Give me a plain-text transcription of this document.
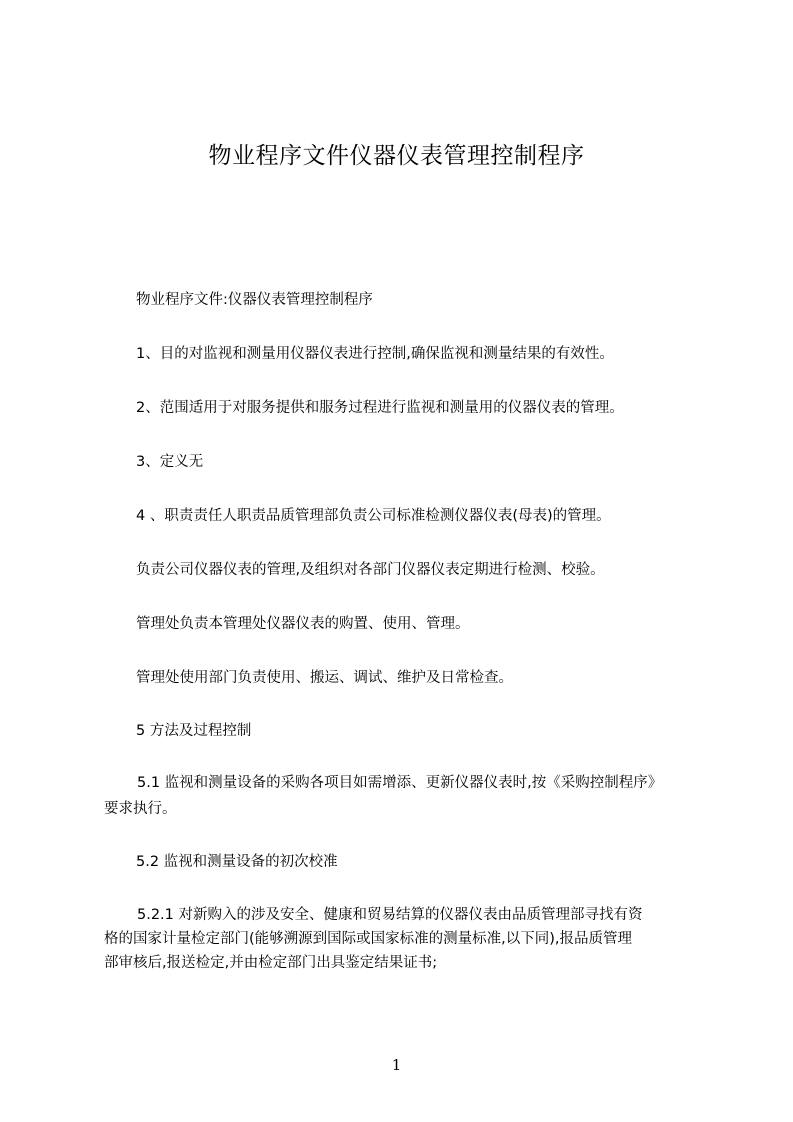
物业程序文件仪器仪表管理控制程序
物业程序文件:仪器仪表管理控制程序
1、目的对监视和测量用仪器仪表进行控制,确保监视和测量结果的有效性。
2、范围适用于对服务提供和服务过程进行监视和测量用的仪器仪表的管理。
3、定义无
4 、职责责任人职责品质管理部负责公司标准检测仪器仪表(母表)的管理。
负责公司仪器仪表的管理,及组织对各部门仪器仪表定期进行检测、校验。
管理处负责本管理处仪器仪表的购置、使用、管理。
管理处使用部门负责使用、搬运、调试、维护及日常检查。
5 方法及过程控制
5.1 监视和测量设备的采购各项目如需增添、更新仪器仪表时,按《采购控制程序》
要求执行。
5.2 监视和测量设备的初次校准
5.2.1 对新购入的涉及安全、健康和贸易结算的仪器仪表由品质管理部寻找有资
格的国家计量检定部门(能够溯源到国际或国家标准的测量标准,以下同),报品质管理
部审核后,报送检定,并由检定部门出具鉴定结果证书;
1
